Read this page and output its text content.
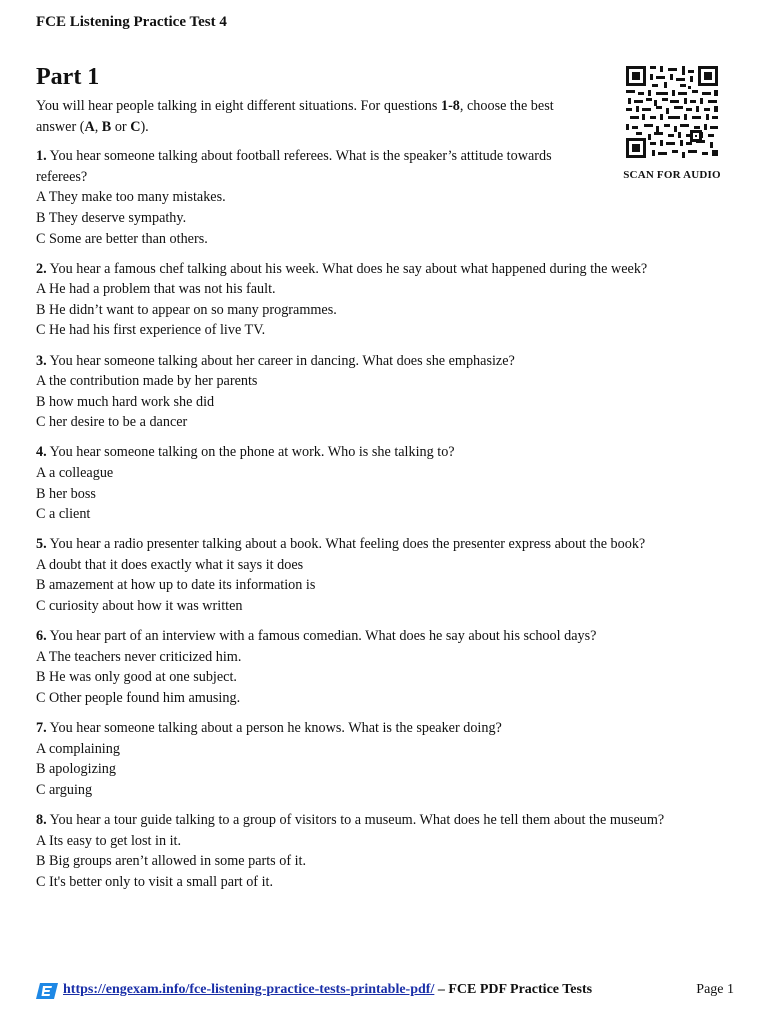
FCE Listening Practice Test 4
Part 1
SCAN FOR AUDIO

You will hear people talking in eight different situations. For questions 1-8, choose the best answer (A, B or C).

1. You hear someone talking about football referees. What is the speaker’s attitude towards referees?
A They make too many mistakes.
B They deserve sympathy.
C Some are better than others.
2. You hear a famous chef talking about his week. What does he say about what happened during the week?
A He had a problem that was not his fault.
B He didn’t want to appear on so many programmes.
C He had his first experience of live TV.
3. You hear someone talking about her career in dancing. What does she emphasize?
A the contribution made by her parents
B how much hard work she did
C her desire to be a dancer
4. You hear someone talking on the phone at work. Who is she talking to?
A a colleague
B her boss
C a client
5. You hear a radio presenter talking about a book. What feeling does the presenter express about the book?
A doubt that it does exactly what it says it does
B amazement at how up to date its information is
C curiosity about how it was written
6. You hear part of an interview with a famous comedian. What does he say about his school days?
A The teachers never criticized him.
B He was only good at one subject.
C Other people found him amusing.
7. You hear someone talking about a person he knows. What is the speaker doing?
A complaining
B apologizing
C arguing
8. You hear a tour guide talking to a group of visitors to a museum. What does he tell them about the museum?
A Its easy to get lost in it.
B Big groups aren’t allowed in some parts of it.
C It's better only to visit a small part of it.
https://engexam.info/fce-listening-practice-tests-printable-pdf/ – FCE PDF Practice Tests	Page 1
